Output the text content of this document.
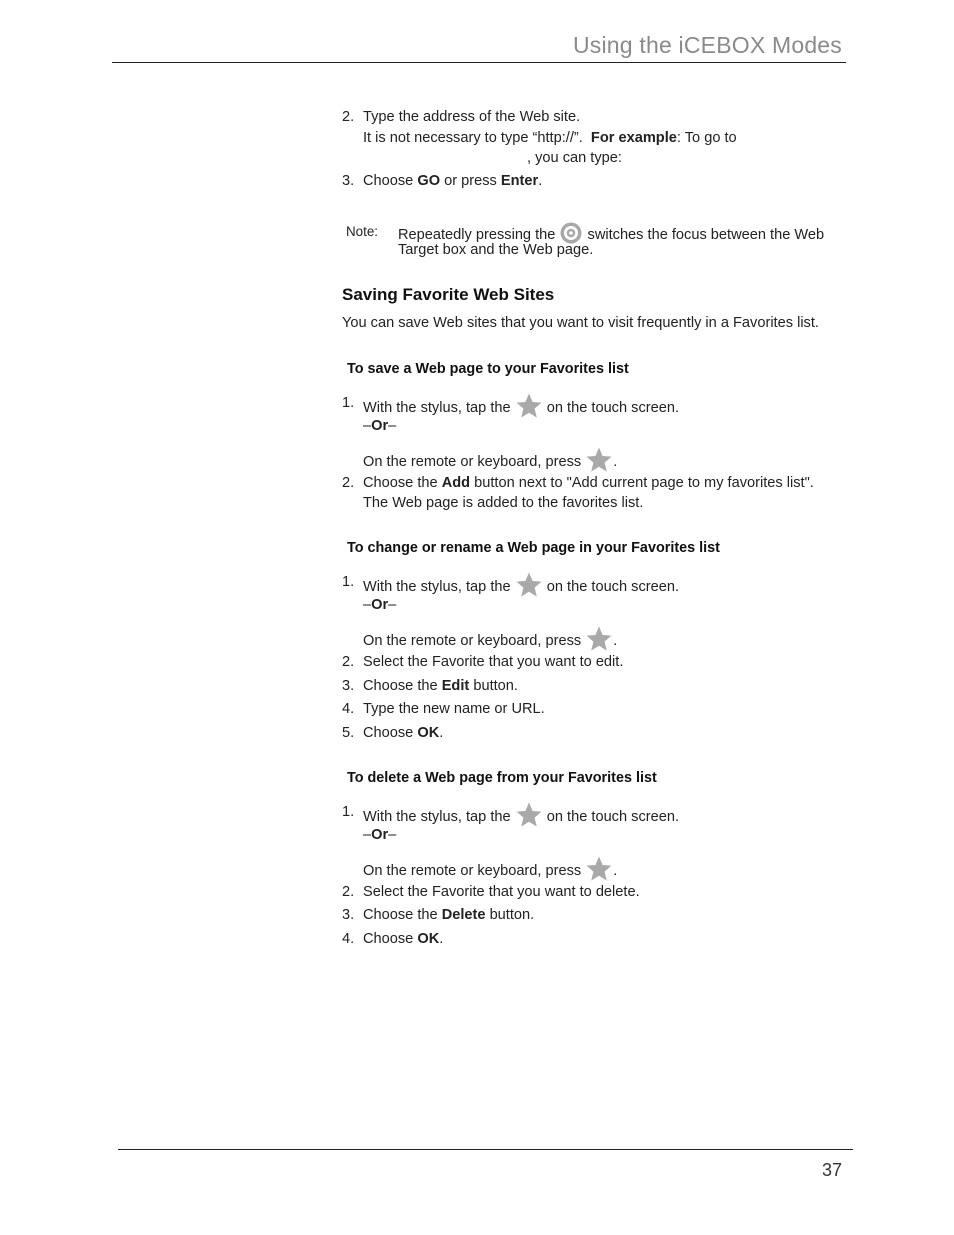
Using the iCEBOX Modes
2. Type the address of the Web site.
It is not necessary to type “http://”. For example: To go to
, you can type:
3. Choose GO or press Enter.
Note: Repeatedly pressing the switches the focus between the Web
Target box and the Web page.
Saving Favorite Web Sites
You can save Web sites that you want to visit frequently in a Favorites list.
To save a Web page to your Favorites list
1. With the stylus, tap the on the touch screen.
–Or–
On the remote or keyboard, press .
2. Choose the Add button next to "Add current page to my favorites list".
The Web page is added to the favorites list.
To change or rename a Web page in your Favorites list
1. With the stylus, tap the on the touch screen.
–Or–
On the remote or keyboard, press .
2. Select the Favorite that you want to edit.
3. Choose the Edit button.
4. Type the new name or URL.
5. Choose OK.
To delete a Web page from your Favorites list
1. With the stylus, tap the on the touch screen.
–Or–
On the remote or keyboard, press .
2. Select the Favorite that you want to delete.
3. Choose the Delete button.
4. Choose OK.
37
